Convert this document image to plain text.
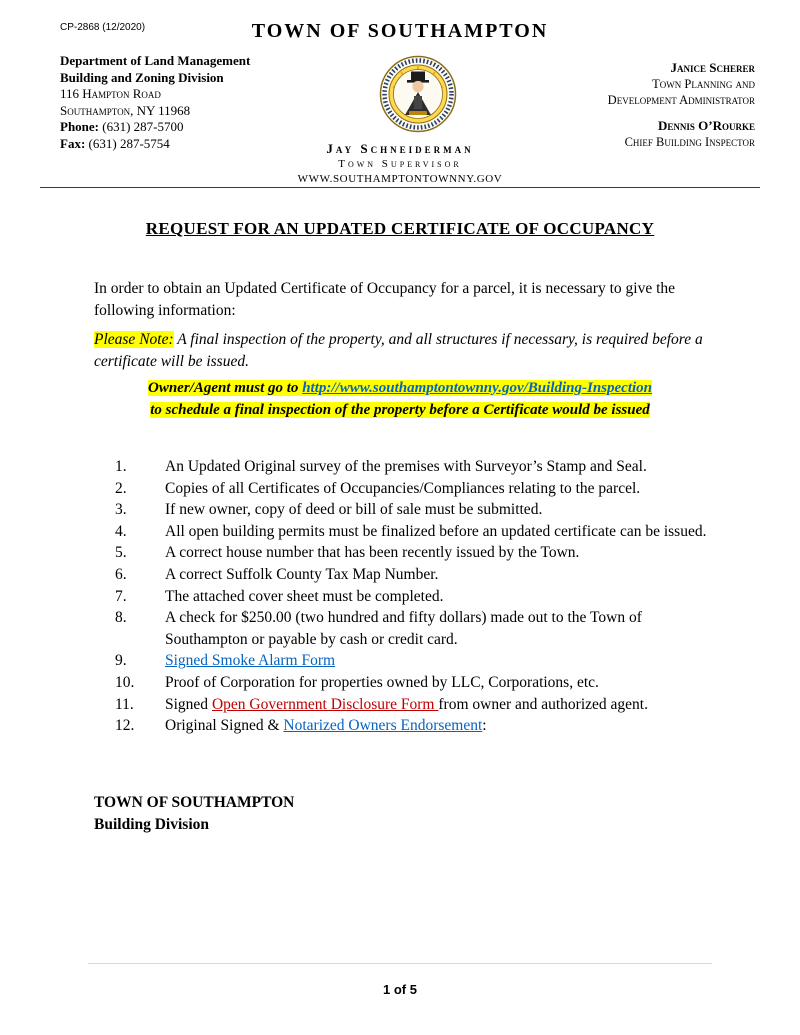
CP-2868 (12/2020)	TOWN OF SOUTHAMPTON
Department of Land Management
Building and Zoning Division
116 Hampton Road
Southampton, NY 11968
Phone: (631) 287-5700
Fax: (631) 287-5754
Janice Scherer
Town Planning and
Development Administrator
Dennis O’Rourke
Chief Building Inspector
Jay Schneiderman
Town Supervisor
WWW.SOUTHAMPTONTOWNNY.GOV
REQUEST FOR AN UPDATED CERTIFICATE OF OCCUPANCY
In order to obtain an Updated Certificate of Occupancy for a parcel, it is necessary to give the following information:
Please Note: A final inspection of the property, and all structures if necessary, is required before a certificate will be issued.
Owner/Agent must go to http://www.southamptontownny.gov/Building-Inspection
to schedule a final inspection of the property before a Certificate would be issued
1.	An Updated Original survey of the premises with Surveyor’s Stamp and Seal.
2.	Copies of all Certificates of Occupancies/Compliances relating to the parcel.
3.	If new owner, copy of deed or bill of sale must be submitted.
4.	All open building permits must be finalized before an updated certificate can be issued.
5.	A correct house number that has been recently issued by the Town.
6.	A correct Suffolk County Tax Map Number.
7.	The attached cover sheet must be completed.
8.	A check for $250.00 (two hundred and fifty dollars) made out to the Town of Southampton or payable by cash or credit card.
9.	Signed Smoke Alarm Form
10.	Proof of Corporation for properties owned by LLC, Corporations, etc.
11.	Signed Open Government Disclosure Form from owner and authorized agent.
12.	Original Signed & Notarized Owners Endorsement:
TOWN OF SOUTHAMPTON
Building Division
1 of 5
